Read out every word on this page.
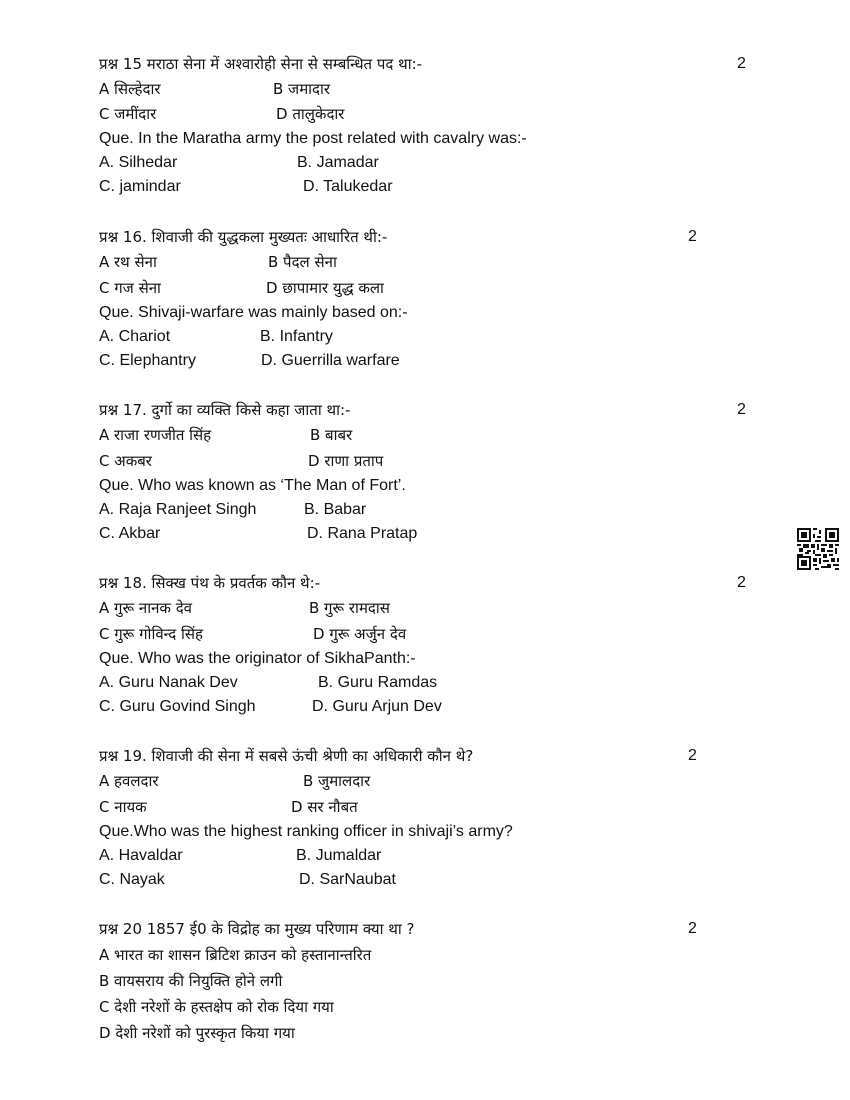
प्रश्न 15 मराठा सेना में अश्वारोही सेना से सम्बन्धित पद था:-	2
A सिल्हेदार	B जमादार
C जमींदार	D तालुकेदार
Que. In the Maratha army the post related with cavalry was:-
A. Silhedar	B. Jamadar
C. jamindar	D. Talukedar
प्रश्न 16. शिवाजी की युद्धकला मुख्यतः आधारित थी:-	2
A रथ सेना	B पैदल सेना
C गज सेना	D छापामार युद्ध कला
Que. Shivaji-warfare was mainly based on:-
A. Chariot	B. Infantry
C. Elephantry	D. Guerrilla warfare
प्रश्न 17. दुर्गो का व्यक्ति किसे कहा जाता था:-	2
A राजा रणजीत सिंह	B बाबर
C अकबर	D राणा प्रताप
Que. Who was known as ‘The Man of Fort’.
A. Raja Ranjeet Singh	B. Babar
C. Akbar	D. Rana Pratap
प्रश्न 18. सिक्ख पंथ के प्रवर्तक कौन थे:-	2
A गुरू नानक देव	B गुरू रामदास
C गुरू गोविन्द सिंह	D गुरू अर्जुन देव
Que. Who was the originator of SikhaPanth:-
A. Guru Nanak Dev	B. Guru Ramdas
C. Guru Govind Singh	D. Guru Arjun Dev
प्रश्न 19. शिवाजी की सेना में सबसे ऊंची श्रेणी का अधिकारी कौन थे?	2
A हवलदार	B जुमालदार
C नायक	D सर नौबत
Que.Who was the highest ranking officer in shivaji’s army?
A. Havaldar	B. Jumaldar
C. Nayak	D. SarNaubat
प्रश्न 20 1857 ई0 के विद्रोह का मुख्य परिणाम क्या था ?	2
A भारत का शासन ब्रिटिश क्राउन को हस्तानान्तरित
B वायसराय की नियुक्ति होने लगी
C देशी नरेशों के हस्तक्षेप को रोक दिया गया
D देशी नरेशों को पुरस्कृत किया गया
